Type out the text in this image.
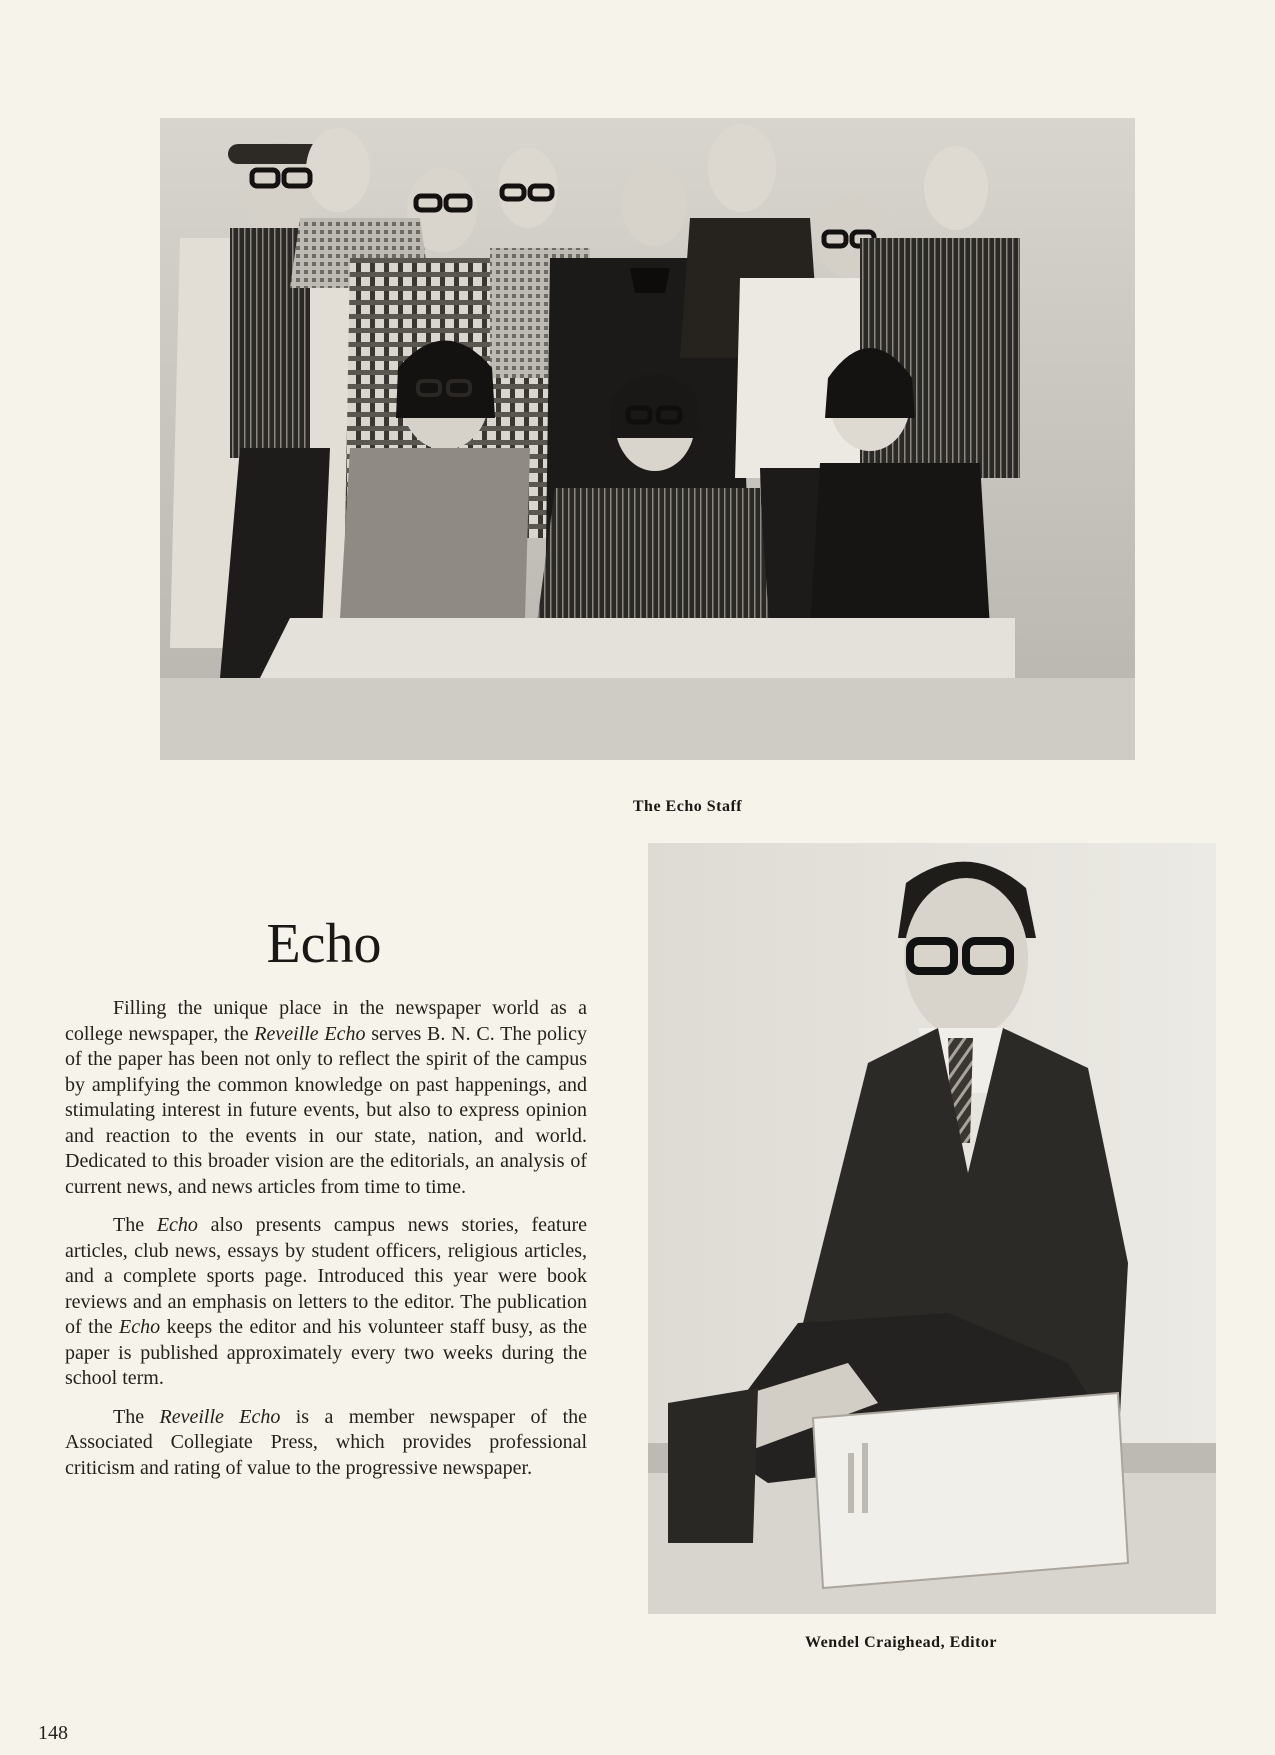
The Echo Staff
Echo

Filling the unique place in the newspaper world as a college newspaper, the Reveille Echo serves B. N. C. The policy of the paper has been not only to reflect the spirit of the campus by amplifying the common knowledge on past happenings, and stimulating interest in future events, but also to express opinion and reaction to the events in our state, nation, and world. Dedicated to this broader vision are the editorials, an analysis of current news, and news articles from time to time.

The Echo also presents campus news stories, feature articles, club news, essays by student officers, religious articles, and a complete sports page. Introduced this year were book reviews and an emphasis on letters to the editor. The publication of the Echo keeps the editor and his volunteer staff busy, as the paper is published approximately every two weeks during the school term.

The Reveille Echo is a member newspaper of the Associated Collegiate Press, which provides professional criticism and rating of value to the progressive newspaper.

Wendel Craighead, Editor
148
